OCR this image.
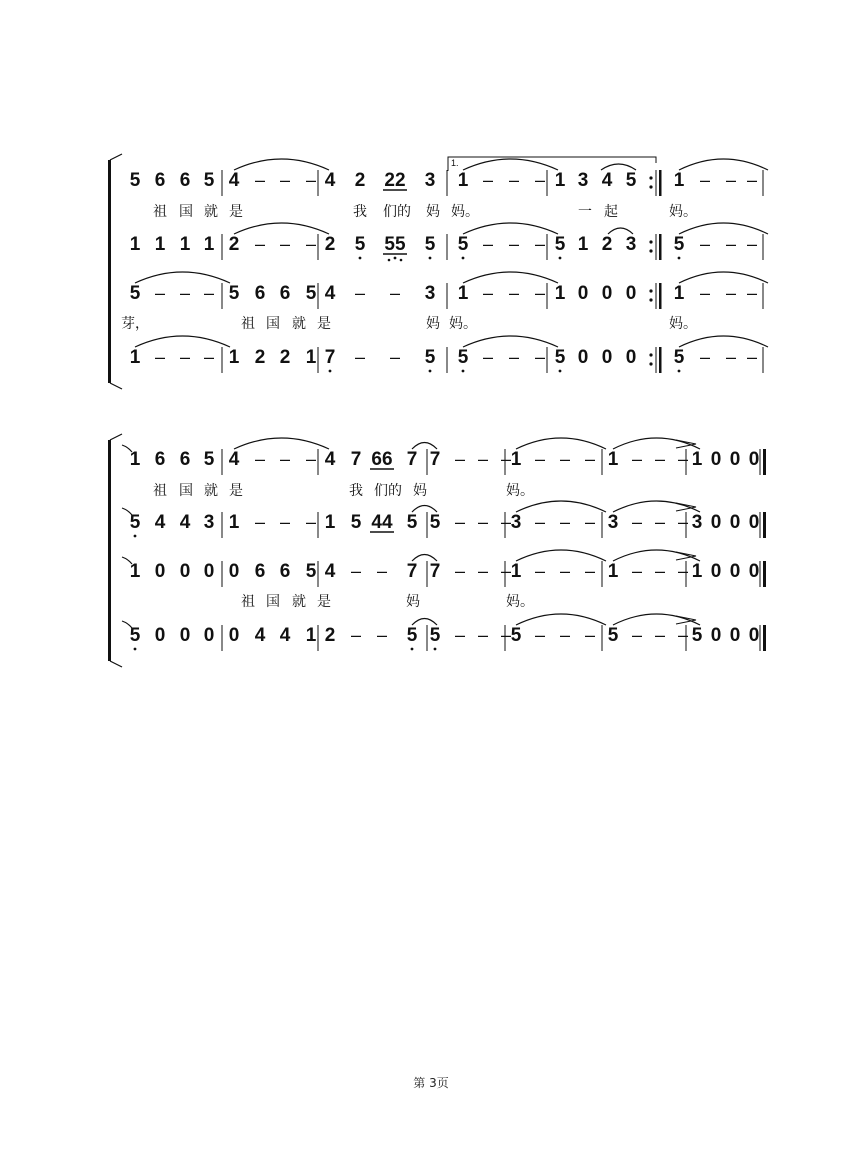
1.
5 6 6 5 4 – – – 4 2 22 3 1 – – – 1 3 4 5 1 – – –
1 1 1 1 2 – – – 2 5 55 5 5 – – – 5 1 2 3 5 – – –
5 – – – 5 6 6 5 4 – – 3 1 – – – 1 0 0 0 1 – – –
1 – – – 1 2 2 1 7 – – 5 5 – – – 5 0 0 0 5 – – –
祖 国 就 是	我 们的 妈 妈。	一 起	妈。
芽，	祖 国 就 是	妈 妈。	妈。
1 6 6 5 4 – – – 4 7 66 7 7 – – – 1 – – – 1 – – – 1 0 0 0
5 4 4 3 1 – – – 1 5 44 5 5 – – – 3 – – – 3 – – – 3 0 0 0
1 0 0 0 0 6 6 5 4 – – 7 7 – – – 1 – – – 1 – – – 1 0 0 0
5 0 0 0 0 4 4 1 2 – – 5 5 – – – 5 – – – 5 – – – 5 0 0 0
祖 国 就 是	我 们的 妈	妈。
祖 国 就 是	妈	妈。
第 3页
